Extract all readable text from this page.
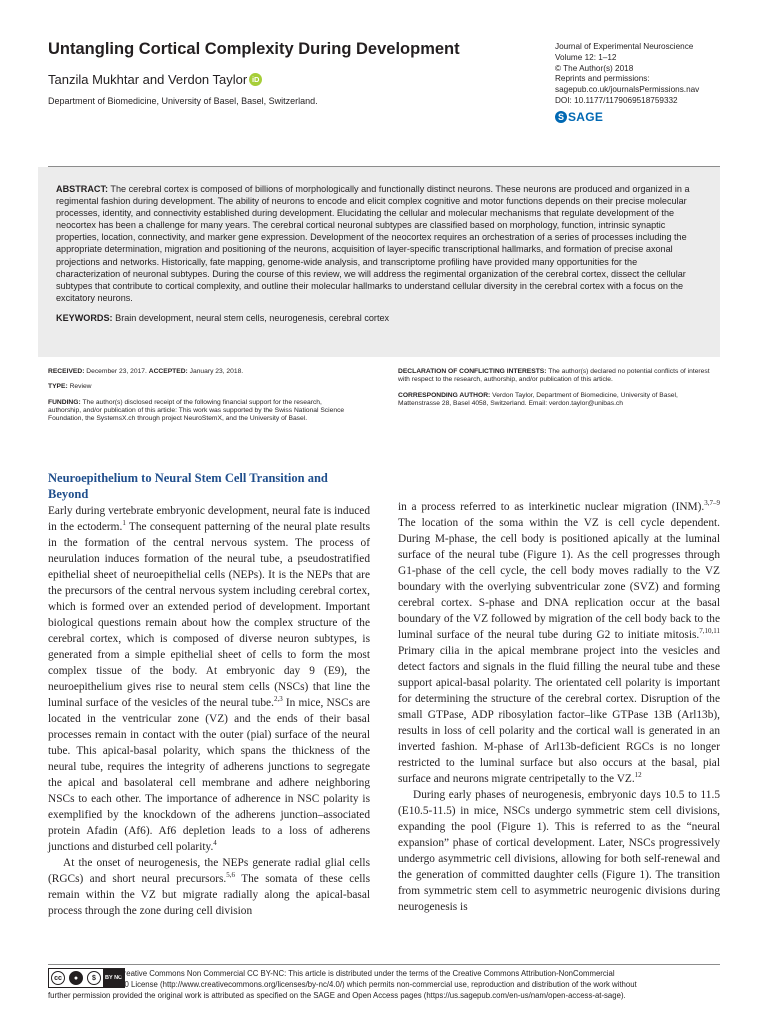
Untangling Cortical Complexity During Development
Tanzila Mukhtar and Verdon Taylor iD
Department of Biomedicine, University of Basel, Basel, Switzerland.
Journal of Experimental Neuroscience
Volume 12: 1–12
© The Author(s) 2018
Reprints and permissions:
sagepub.co.uk/journalsPermissions.nav
DOI: 10.1177/1179069518759332
S SAGE

ABSTRACT: The cerebral cortex is composed of billions of morphologically and functionally distinct neurons. These neurons are produced and organized in a regimental fashion during development. The ability of neurons to encode and elicit complex cognitive and motor functions depends on their precise molecular processes, identity, and connectivity established during development. Elucidating the cellular and molecular mechanisms that regulate development of the neocortex has been a challenge for many years. The cerebral cortical neuronal subtypes are classified based on morphology, function, intrinsic synaptic properties, location, connectivity, and marker gene expression. Development of the neocortex requires an orchestration of a series of processes including the appropriate determination, migration and positioning of the neurons, acquisition of layer-specific transcriptional hallmarks, and formation of precise axonal projections and networks. Historically, fate mapping, genome-wide analysis, and transcriptome profiling have provided many opportunities for the characterization of neuronal subtypes. During the course of this review, we will address the regimental organization of the cerebral cortex, dissect the cellular subtypes that contribute to cortical complexity, and outline their molecular hallmarks to understand cellular diversity in the cerebral cortex with a focus on the excitatory neurons.

KEYWORDS: Brain development, neural stem cells, neurogenesis, cerebral cortex

RECEIVED: December 23, 2017. ACCEPTED: January 23, 2018.

TYPE: Review

FUNDING: The author(s) disclosed receipt of the following financial support for the research, authorship, and/or publication of this article: This work was supported by the Swiss National Science Foundation, the SystemsX.ch through project NeuroStemX, and the University of Basel.

DECLARATION OF CONFLICTING INTERESTS: The author(s) declared no potential conflicts of interest with respect to the research, authorship, and/or publication of this article.

CORRESPONDING AUTHOR: Verdon Taylor, Department of Biomedicine, University of Basel, Mattenstrasse 28, Basel 4058, Switzerland. Email: verdon.taylor@unibas.ch

Neuroepithelium to Neural Stem Cell Transition and Beyond

Early during vertebrate embryonic development, neural fate is induced in the ectoderm.$^1$ The consequent patterning of the neural plate results in the formation of the central nervous system. The process of neurulation induces formation of the neural tube, a pseudostratified epithelial sheet of neuroepithelial cells (NEPs). It is the NEPs that are the precursors of the central nervous system including cerebral cortex, which is formed over an extended period of development. Important biological questions remain about how the complex structure of the cerebral cortex, which is composed of diverse neuron subtypes, is generated from a simple epithelial sheet of cells to form the most complex tissue of the body. At embryonic day 9 (E9), the neuroepithelium gives rise to neural stem cells (NSCs) that line the luminal surface of the vesicles of the neural tube.$^{2,3}$ In mice, NSCs are located in the ventricular zone (VZ) and the ends of their basal processes remain in contact with the outer (pial) surface of the neural tube. This apical-basal polarity, which spans the thickness of the neural tube, requires the integrity of adherens junctions to segregate the apical and basolateral cell membrane and adhere neighboring NSCs to each other. The importance of adherence in NSC polarity is exemplified by the knockdown of the adherens junction–associated protein Afadin (Af6). Af6 depletion leads to a loss of adherens junctions and disturbed cell polarity.$^4$

At the onset of neurogenesis, the NEPs generate radial glial cells (RGCs) and short neural precursors.$^{5,6}$ The somata of these cells remain within the VZ but migrate radially along the apical-basal process through the zone during cell division

in a process referred to as interkinetic nuclear migration (INM).$^{3,7-9}$ The location of the soma within the VZ is cell cycle dependent. During M-phase, the cell body is positioned apically at the luminal surface of the neural tube (Figure 1). As the cell progresses through G1-phase of the cell cycle, the cell body moves radially to the VZ boundary with the overlying subventricular zone (SVZ) and forming cerebral cortex. S-phase and DNA replication occur at the basal boundary of the VZ followed by migration of the cell body back to the luminal surface of the neural tube during G2 to initiate mitosis.$^{7,10,11}$ Primary cilia in the apical membrane project into the vesicles and detect factors and signals in the fluid filling the neural tube and these support apical-basal polarity. The orientated cell polarity is important for determining the structure of the cerebral cortex. Disruption of the small GTPase, ADP ribosylation factor–like GTPase 13B (Arl13b), results in loss of cell polarity and the cortical wall is generated in an inverted fashion. M-phase of Arl13b-deficient RGCs is no longer restricted to the luminal surface but also occurs at the basal, pial surface and neurons migrate centripetally to the VZ.$^{12}$

During early phases of neurogenesis, embryonic days 10.5 to 11.5 (E10.5-11.5) in mice, NSCs undergo symmetric stem cell divisions, expanding the pool (Figure 1). This is referred to as the “neural expansion” phase of cortical development. Later, NSCs progressively undergo asymmetric cell divisions, allowing for both self-renewal and the generation of committed daughter cells (Figure 1). The transition from symmetric stem cell to asymmetric neurogenic divisions during neurogenesis is

cc	●	$	BY NC
Creative Commons Non Commercial CC BY-NC: This article is distributed under the terms of the Creative Commons Attribution-NonCommercial
4.0 License (http://www.creativecommons.org/licenses/by-nc/4.0/) which permits non-commercial use, reproduction and distribution of the work without
further permission provided the original work is attributed as specified on the SAGE and Open Access pages (https://us.sagepub.com/en-us/nam/open-access-at-sage).
